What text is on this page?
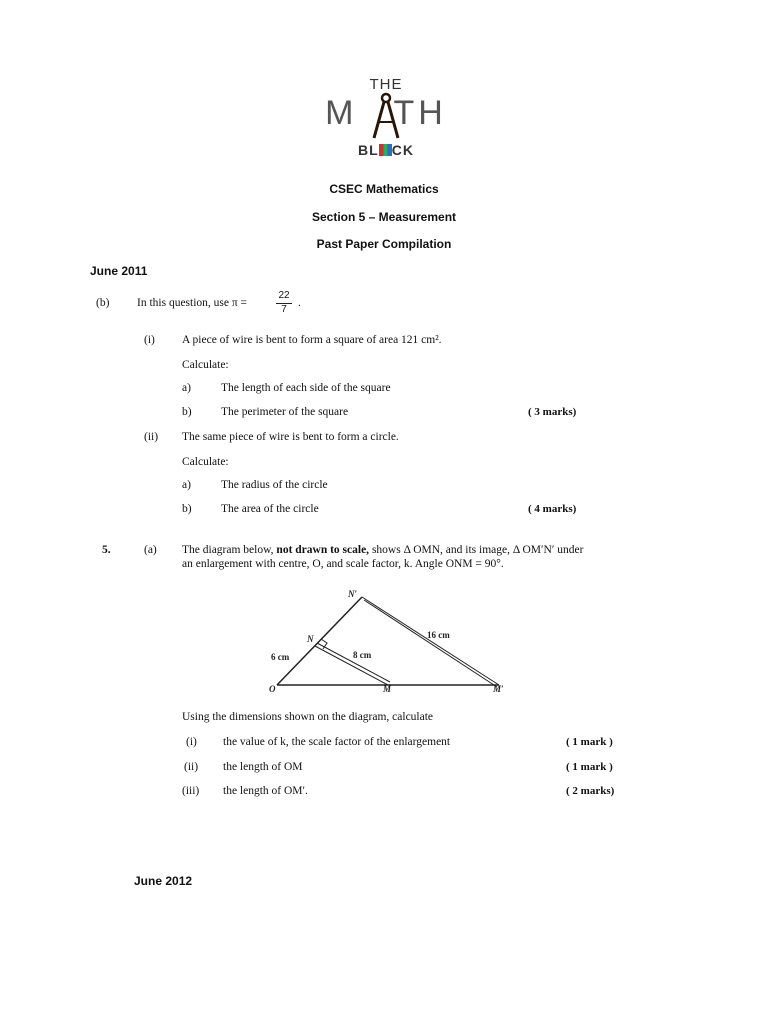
THE
MTH
BL CK
CSEC Mathematics
Section 5 – Measurement
Past Paper Compilation
June 2011
(b) In this question, use π =
22
7
.
(i) A piece of wire is bent to form a square of area 121 cm².
Calculate:
a)	The length of each side of the square
b)	The perimeter of the square	( 3 marks)
(ii) The same piece of wire is bent to form a circle.
Calculate:
a)	The radius of the circle
b)	The area of the circle	( 4 marks)
5.	(a) The diagram below, not drawn to scale, shows Δ OMN, and its image, Δ OM′N′ under
an enlargement with centre, O, and scale factor, k. Angle ONM = 90°.
N′
N
O	M	M′
16 cm
6 cm	8 cm
Using the dimensions shown on the diagram, calculate
(i) the value of k, the scale factor of the enlargement	( 1 mark )
(ii) the length of OM	( 1 mark )
(iii) the length of OM′.	( 2 marks)
June 2012
